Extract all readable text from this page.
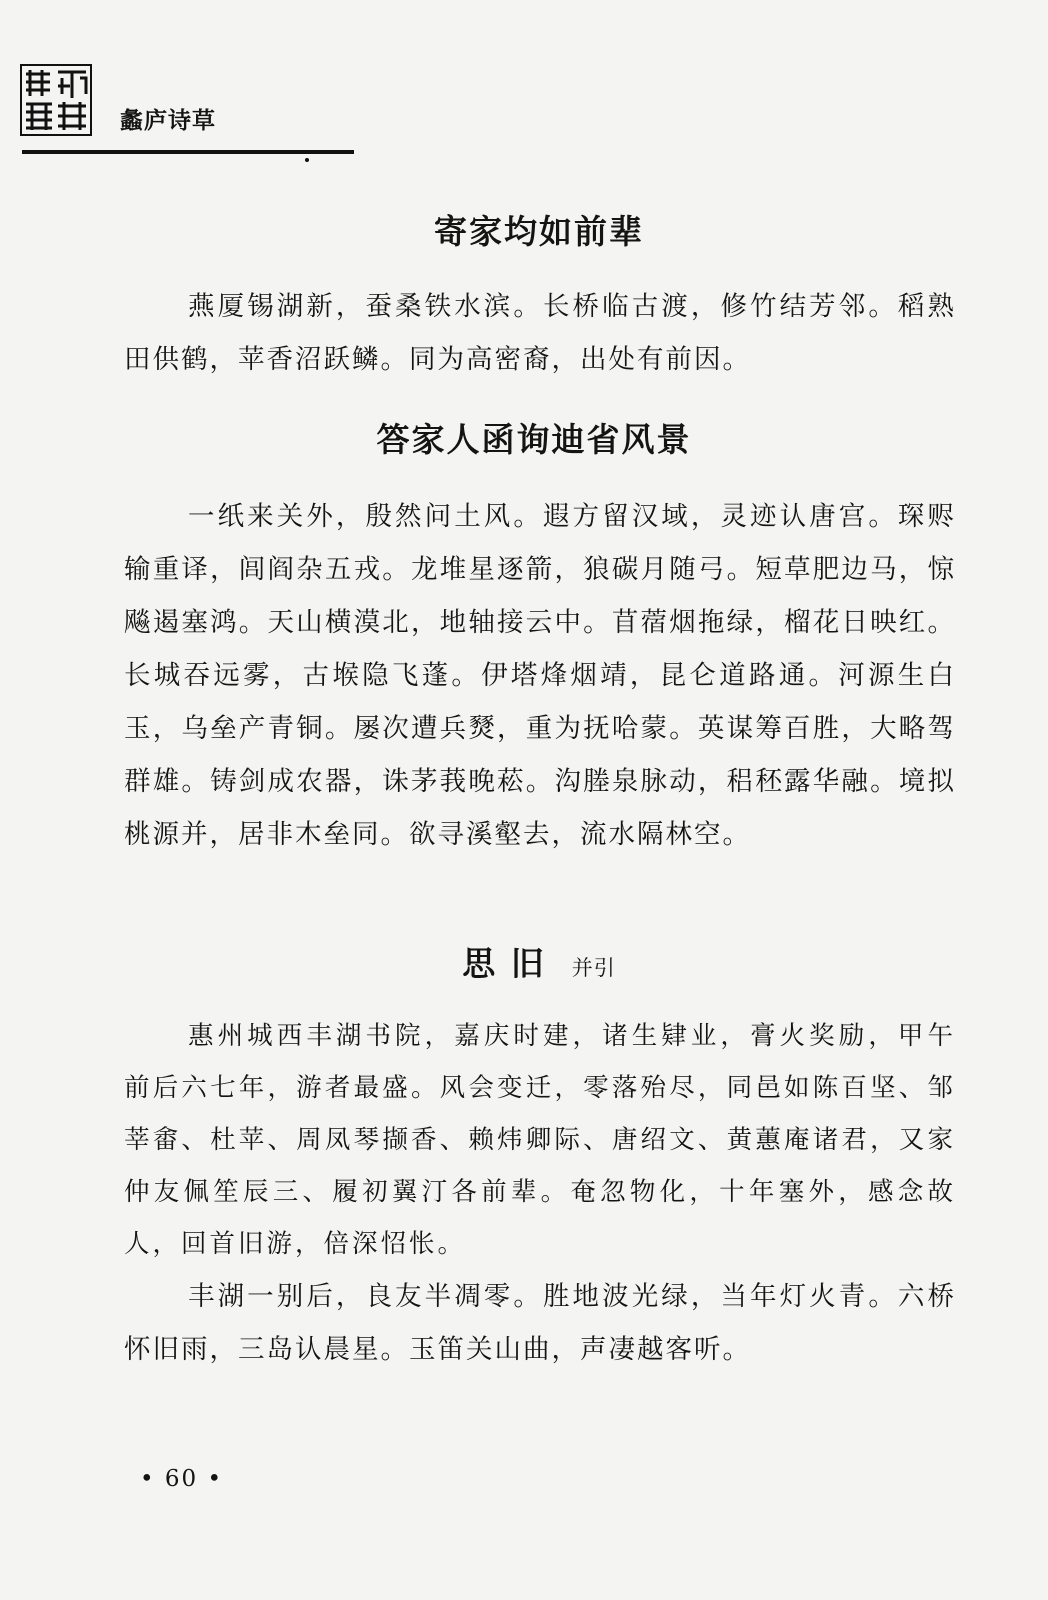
蠡庐诗草
寄家均如前辈

燕厦锡湖新，蚕桑铁水滨。长桥临古渡，修竹结芳邻。稻熟田供鹤，苹香沼跃鳞。同为高密裔，出处有前因。

答家人函询迪省风景

一纸来关外，殷然问土风。遐方留汉域，灵迹认唐宫。琛赆输重译，闾阎杂五戎。龙堆星逐箭，狼碳月随弓。短草肥边马，惊飚遏塞鸿。天山横漠北，地轴接云中。苜蓿烟拖绿，榴花日映红。长城吞远雾，古堠隐飞蓬。伊塔烽烟靖，昆仑道路通。河源生白玉，乌垒产青铜。屡次遭兵燹，重为抚哈蒙。英谋筹百胜，大略驾群雄。铸剑成农器，诛茅莪晚菘。沟塍泉脉动，稆秠露华融。境拟桃源并，居非木垒同。欲寻溪壑去，流水隔林空。

思 旧 并引

惠州城西丰湖书院，嘉庆时建，诸生肄业，膏火奖励，甲午前后六七年，游者最盛。风会变迁，零落殆尽，同邑如陈百坚、邹莘畬、杜苹、周凤琴撷香、赖炜卿际、唐绍文、黄蕙庵诸君，又家仲友佩笙辰三、履初翼汀各前辈。奄忽物化，十年塞外，感念故人，回首旧游，倍深怊怅。

丰湖一别后，良友半凋零。胜地波光绿，当年灯火青。六桥怀旧雨，三岛认晨星。玉笛关山曲，声凄越客听。

• 60 •
